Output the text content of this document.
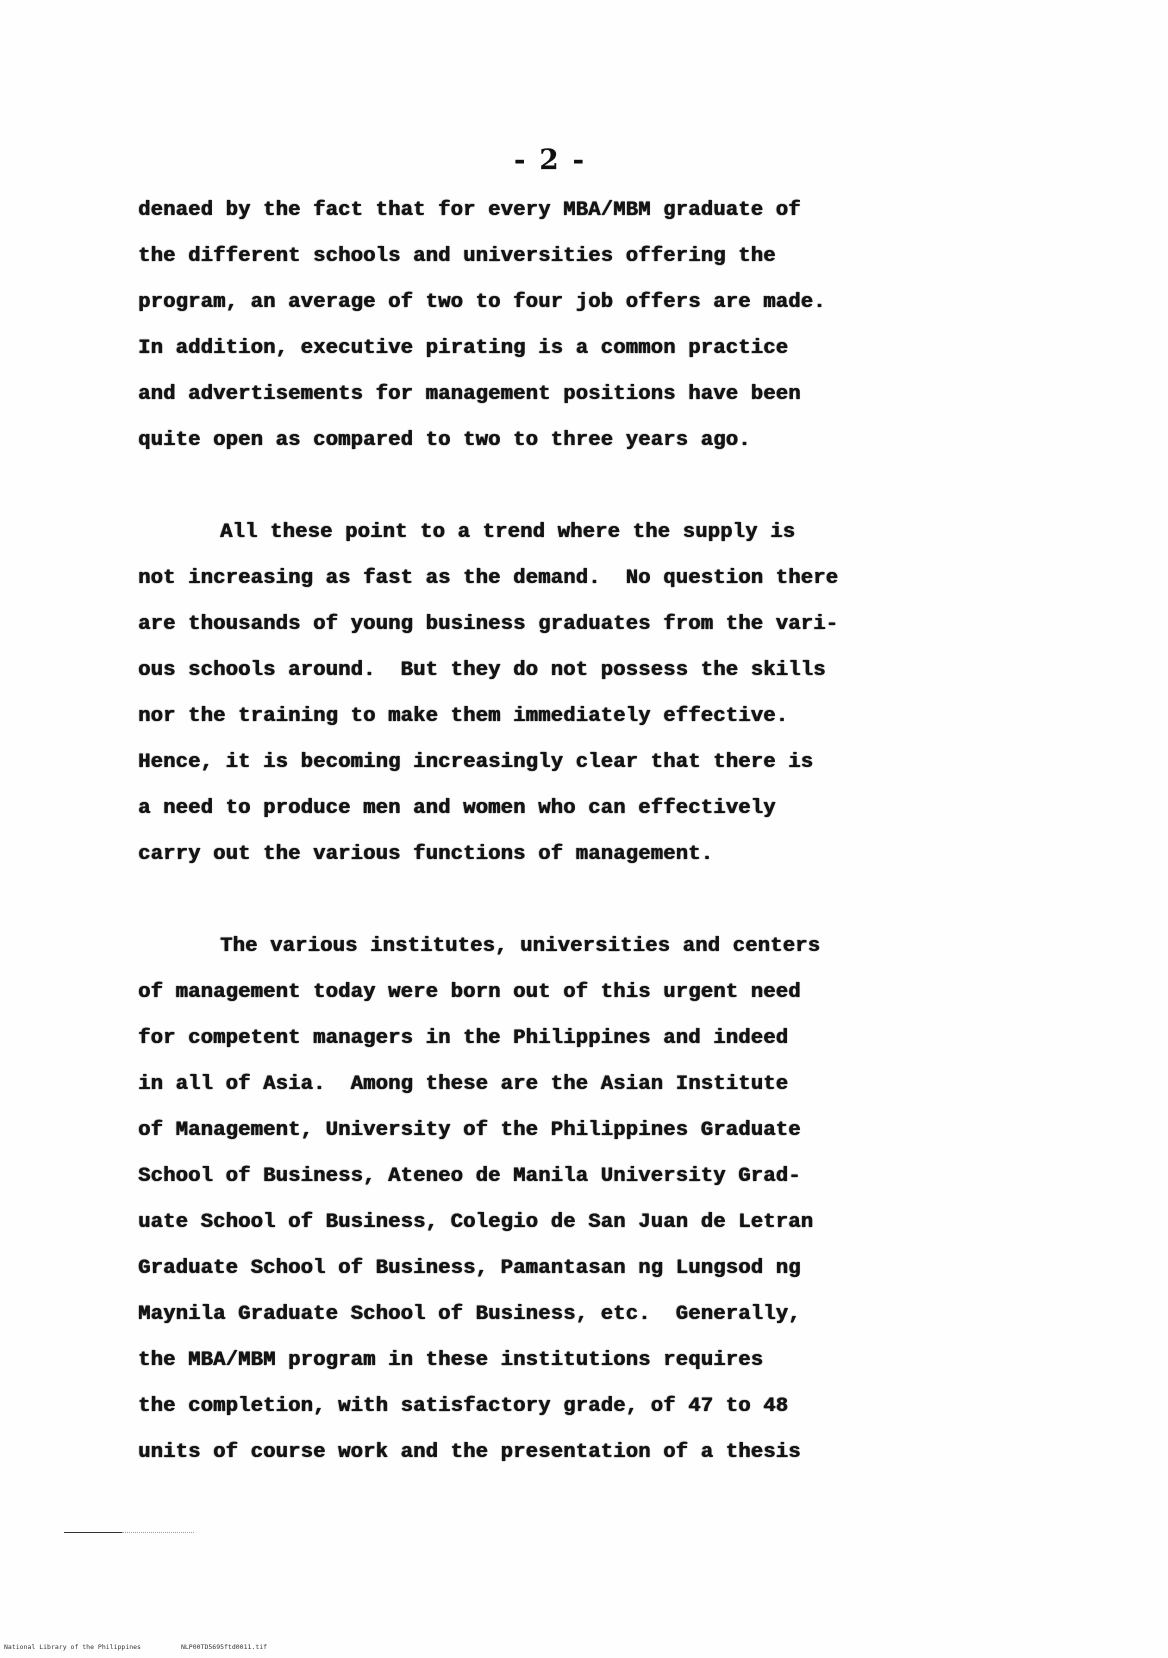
- 2 -

denaed by the fact that for every MBA/MBM graduate of
the different schools and universities offering the
program, an average of two to four job offers are made.
In addition, executive pirating is a common practice
and advertisements for management positions have been
quite open as compared to two to three years ago.

All these point to a trend where the supply is
not increasing as fast as the demand.  No question there
are thousands of young business graduates from the vari-
ous schools around.  But they do not possess the skills
nor the training to make them immediately effective.
Hence, it is becoming increasingly clear that there is
a need to produce men and women who can effectively
carry out the various functions of management.

The various institutes, universities and centers
of management today were born out of this urgent need
for competent managers in the Philippines and indeed
in all of Asia.  Among these are the Asian Institute
of Management, University of the Philippines Graduate
School of Business, Ateneo de Manila University Grad-
uate School of Business, Colegio de San Juan de Letran
Graduate School of Business, Pamantasan ng Lungsod ng
Maynila Graduate School of Business, etc.  Generally,
the MBA/MBM program in these institutions requires
the completion, with satisfactory grade, of 47 to 48
units of course work and the presentation of a thesis

National Library of the Philippines	NLP00TD5695ftd0011.tif
